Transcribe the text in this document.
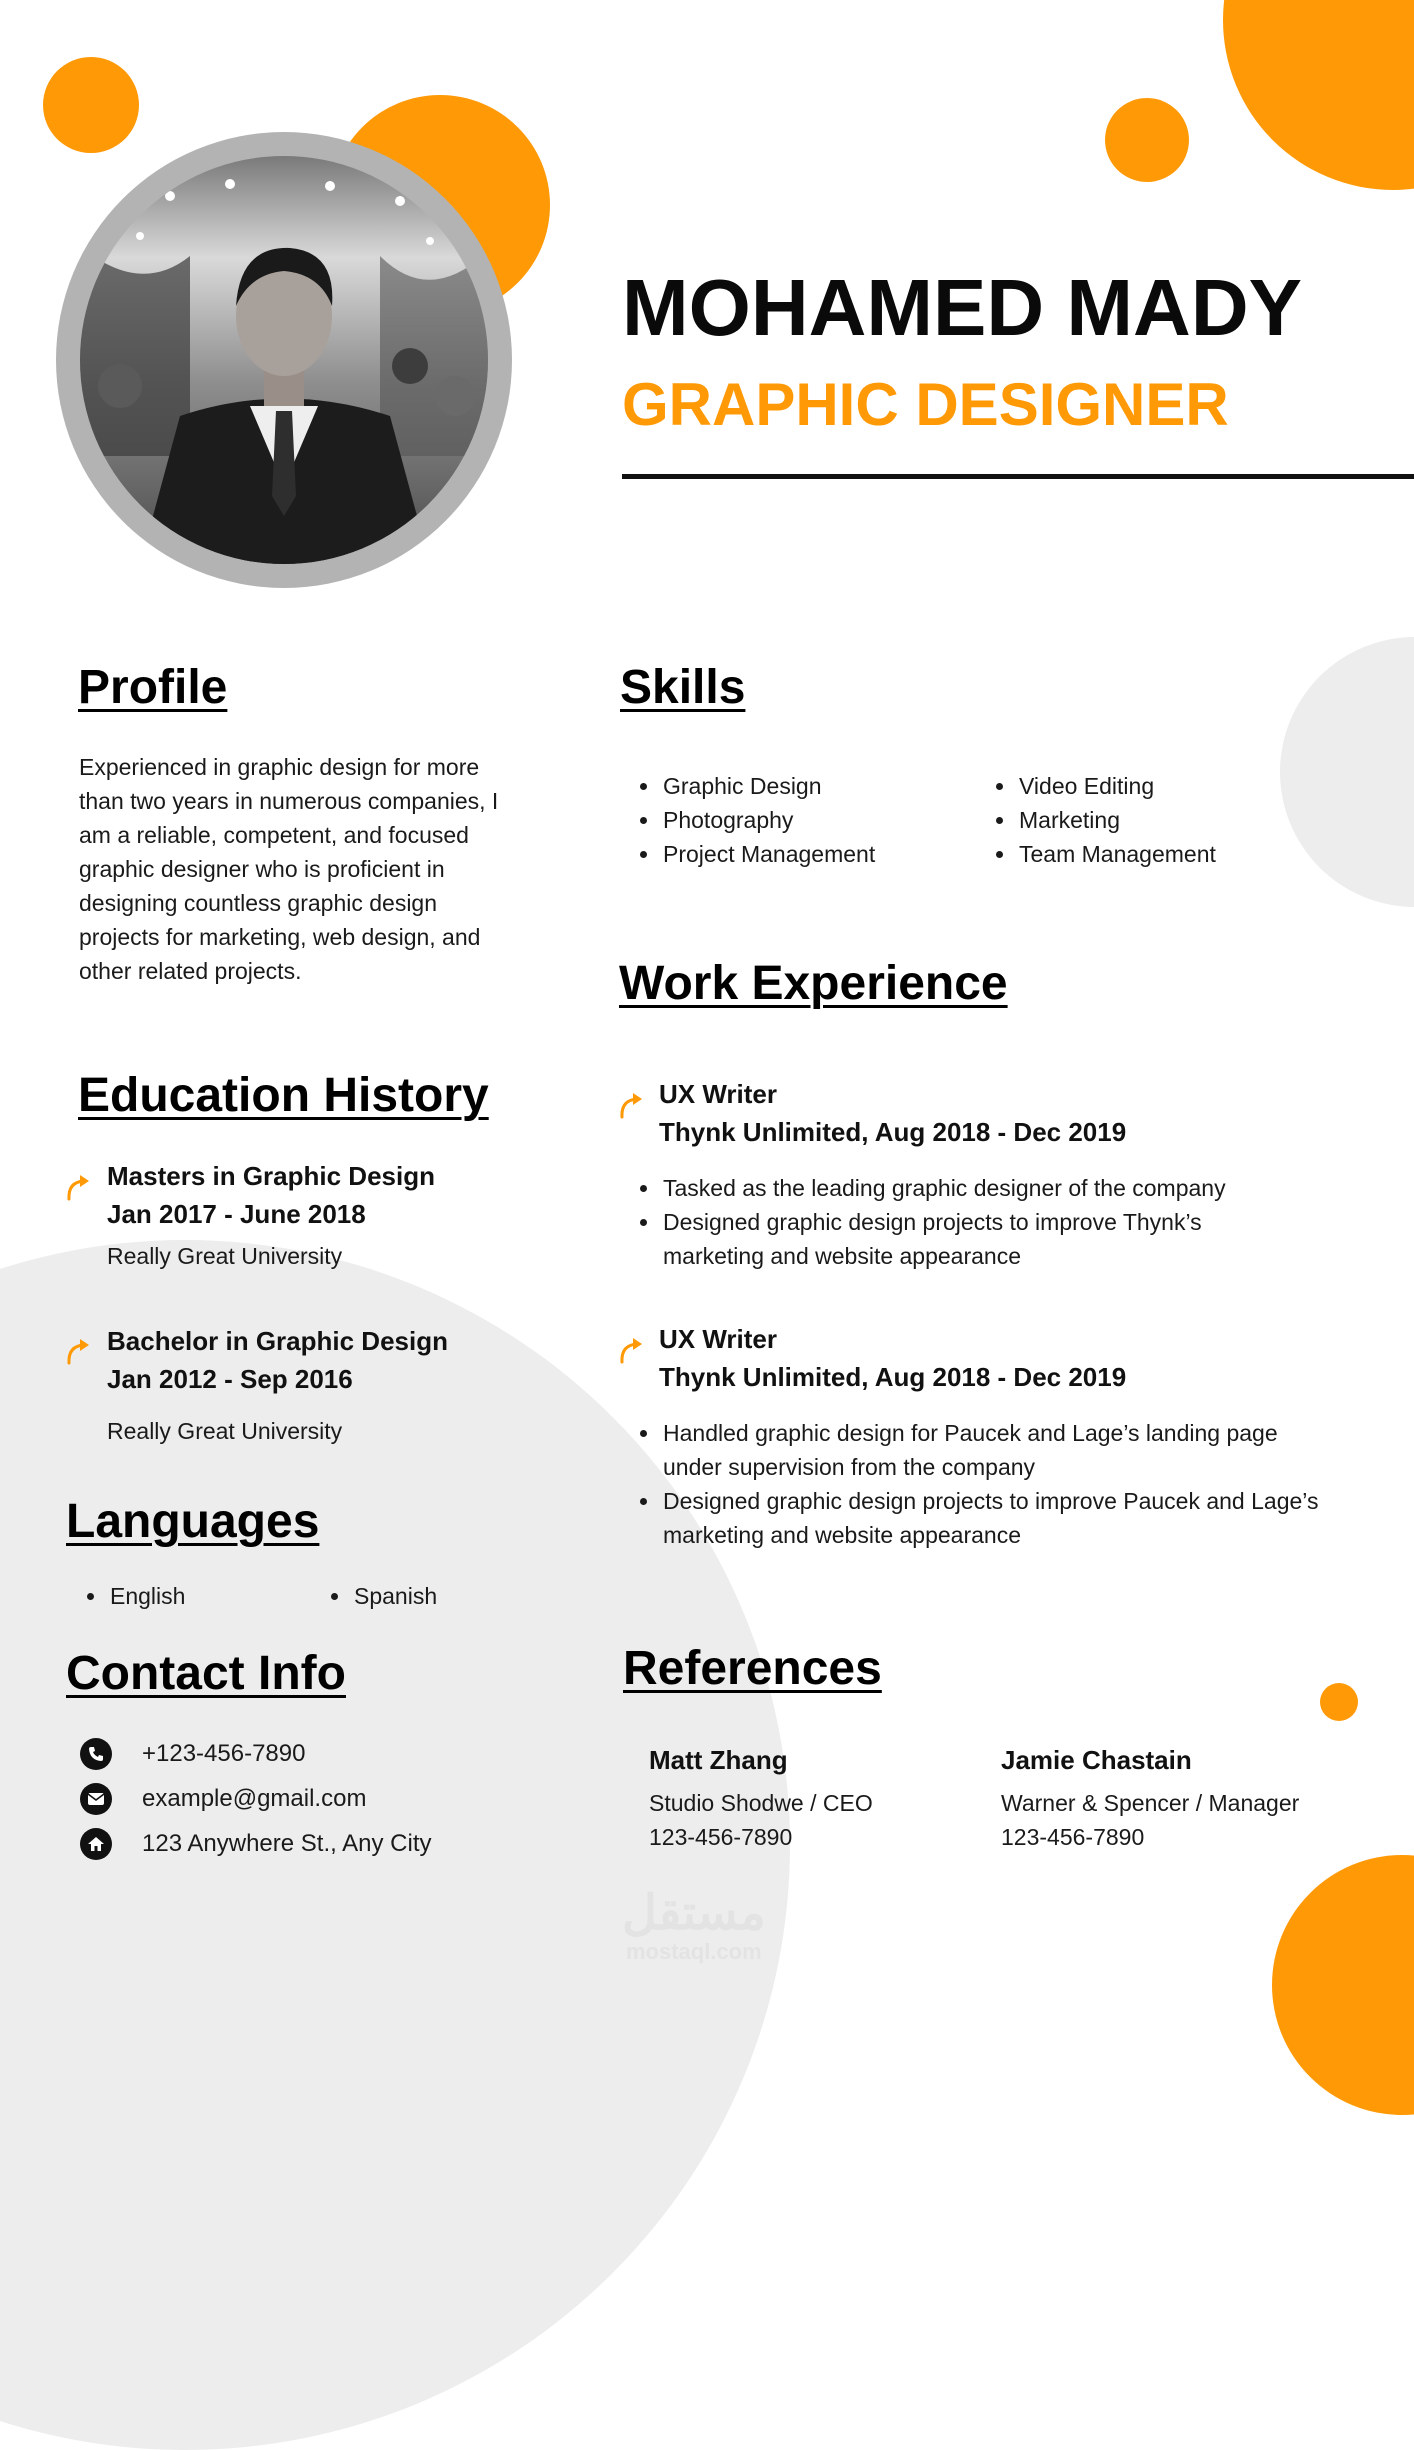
MOHAMED MADY
GRAPHIC DESIGNER
Profile
Experienced in graphic design for more than two years in numerous companies, I am a reliable, competent, and focused graphic designer who is proficient in designing countless graphic design projects for marketing, web design, and other related projects.
Education History
Masters in Graphic Design
Jan 2017 - June 2018
Really Great University
Bachelor in Graphic Design
Jan 2012 - Sep 2016
Really Great University
Languages
• English
•	Spanish
Contact Info
+123-456-7890
example@gmail.com
123 Anywhere St., Any City
Skills
• Graphic Design
• Photography
• Project Management
• Video Editing
• Marketing
• Team Management
Work Experience
UX Writer
Thynk Unlimited, Aug 2018 - Dec 2019
• Tasked as the leading graphic designer of the company
• Designed graphic design projects to improve Thynk’s marketing and website appearance
UX Writer
Thynk Unlimited, Aug 2018 - Dec 2019
• Handled graphic design for Paucek and Lage’s landing page under supervision from the company
• Designed graphic design projects to improve Paucek and Lage’s marketing and website appearance
References
Matt Zhang
Studio Shodwe / CEO
123-456-7890
Jamie Chastain
Warner & Spencer / Manager
123-456-7890
مستقل
mostaql.com
